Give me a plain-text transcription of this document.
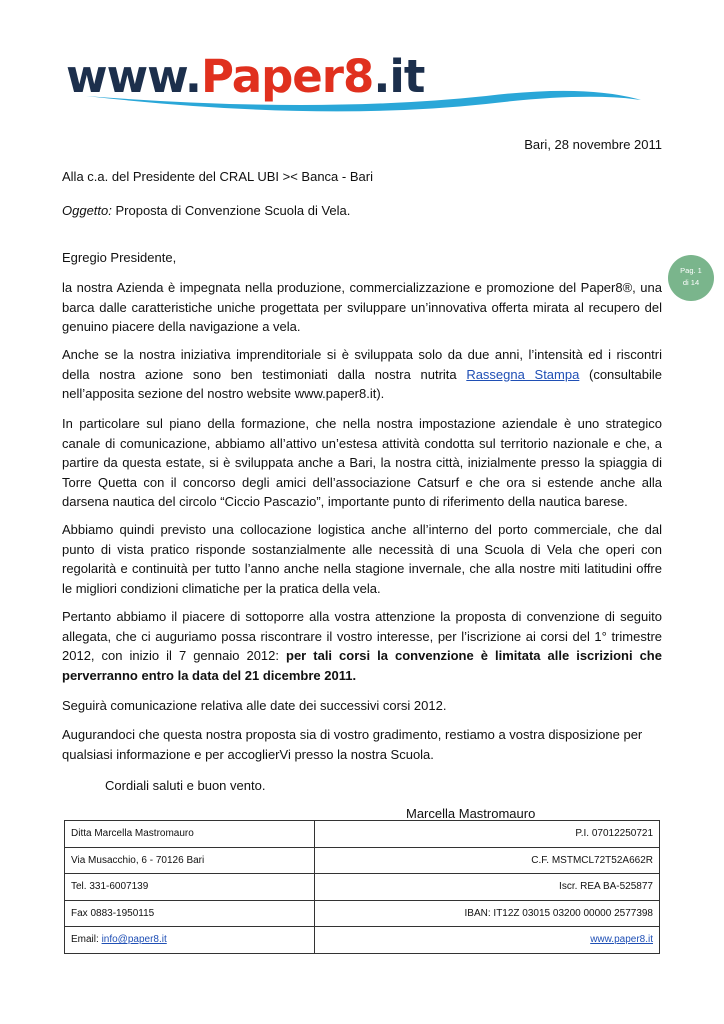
www.Paper8.it
Pag. 1
di 14
Bari, 28 novembre 2011
Alla c.a. del Presidente del CRAL UBI >< Banca - Bari
Oggetto: Proposta di Convenzione Scuola di Vela.
Egregio Presidente,
la nostra Azienda è impegnata nella produzione, commercializzazione e promozione del Paper8®, una barca dalle caratteristiche uniche progettata per sviluppare un’innovativa offerta mirata al recupero del genuino piacere della navigazione a vela.
Anche se la nostra iniziativa imprenditoriale si è sviluppata solo da due anni, l’intensità ed i riscontri della nostra azione sono ben testimoniati dalla nostra nutrita Rassegna Stampa (consultabile nell’apposita sezione del nostro website www.paper8.it).
In particolare sul piano della formazione, che nella nostra impostazione aziendale è uno strategico canale di comunicazione, abbiamo all’attivo un’estesa attività condotta sul territorio nazionale e che, a partire da questa estate, si è sviluppata anche a Bari, la nostra città, inizialmente presso la spiaggia di Torre Quetta con il concorso degli amici dell’associazione Catsurf e che ora si estende anche alla darsena nautica del circolo “Ciccio Pascazio”, importante punto di riferimento della nautica barese.
Abbiamo quindi previsto una collocazione logistica anche all’interno del porto commerciale, che dal punto di vista pratico risponde sostanzialmente alle necessità di una Scuola di Vela che operi con regolarità e continuità per tutto l’anno anche nella stagione invernale, che alla nostre miti latitudini offre le migliori condizioni climatiche per la pratica della vela.
Pertanto abbiamo il piacere di sottoporre alla vostra attenzione la proposta di convenzione di seguito allegata, che ci auguriamo possa riscontrare il vostro interesse, per l’iscrizione ai corsi del 1° trimestre 2012, con inizio il 7 gennaio 2012: per tali corsi la convenzione è limitata alle iscrizioni che perverranno entro la data del 21 dicembre 2011.
Seguirà comunicazione relativa alle date dei successivi corsi 2012.
Augurandoci che questa nostra proposta sia di vostro gradimento, restiamo a vostra disposizione per qualsiasi informazione e per accoglierVi presso la nostra Scuola.
Cordiali saluti e buon vento.
Marcella Mastromauro
Ditta Marcella Mastromauro	P.I. 07012250721
Via Musacchio, 6 - 70126 Bari	C.F. MSTMCL72T52A662R
Tel. 331-6007139	Iscr. REA BA-525877
Fax 0883-1950115	IBAN: IT12Z 03015 03200 00000 2577398
Email: info@paper8.it	www.paper8.it
